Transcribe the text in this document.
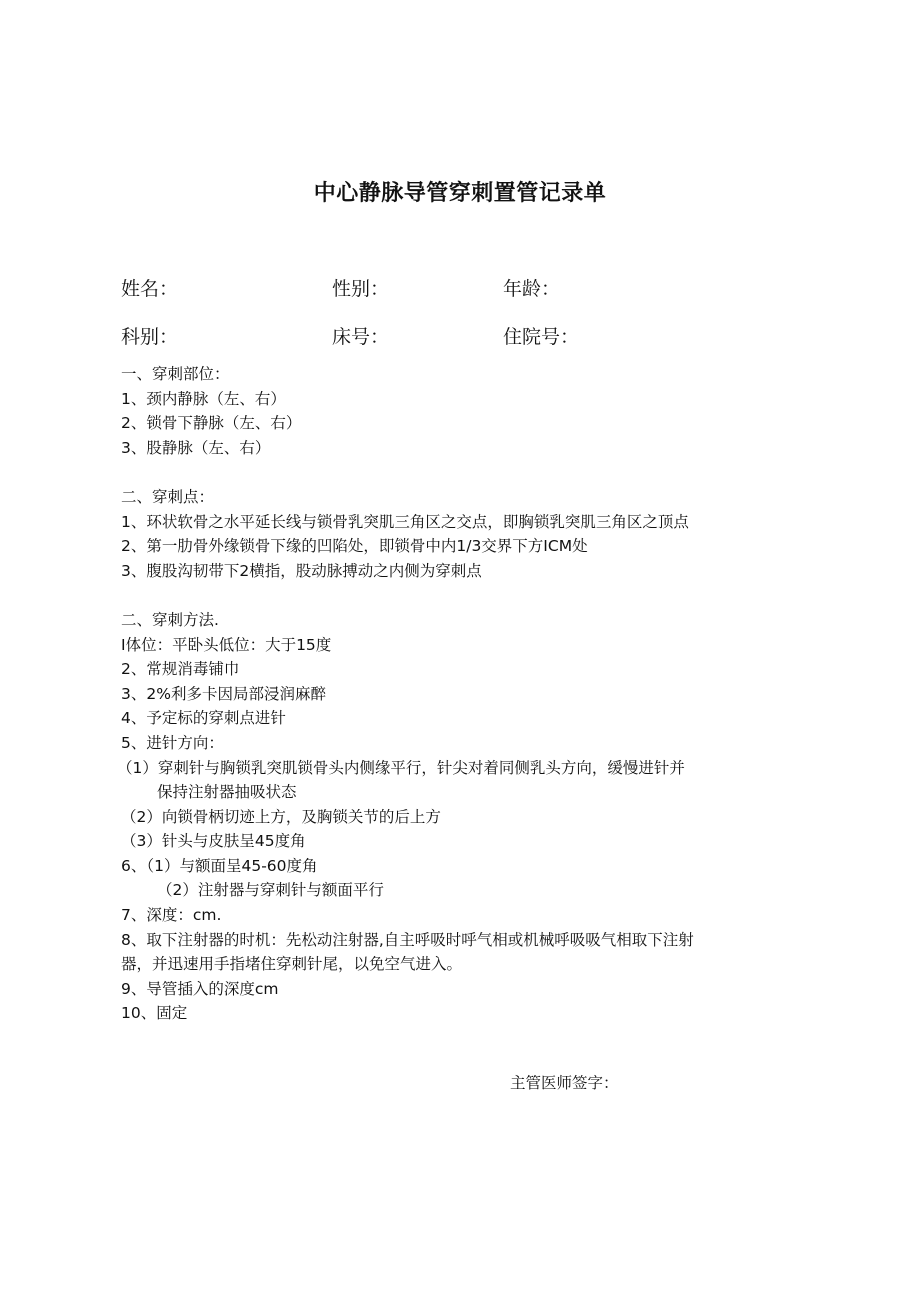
中心静脉导管穿刺置管记录单
姓名：	性别：	年龄：
科别：	床号：	住院号：
一、穿刺部位：
1、颈内静脉（左、右）
2、锁骨下静脉（左、右）
3、股静脉（左、右）
二、穿刺点：
1、环状软骨之水平延长线与锁骨乳突肌三角区之交点，即胸锁乳突肌三角区之顶点
2、第一肋骨外缘锁骨下缘的凹陷处，即锁骨中内1/3交界下方ICM处
3、腹股沟韧带下2横指，股动脉搏动之内侧为穿刺点
二、穿刺方法.
I体位：平卧头低位：大于15度
2、常规消毒铺巾
3、2%利多卡因局部浸润麻醉
4、予定标的穿刺点进针
5、进针方向：
（1）穿刺针与胸锁乳突肌锁骨头内侧缘平行，针尖对着同侧乳头方向，缓慢进针并
保持注射器抽吸状态
（2）向锁骨柄切迹上方，及胸锁关节的后上方
（3）针头与皮肤呈45度角
6、（1）与额面呈45-60度角
（2）注射器与穿刺针与额面平行
7、深度：cm.
8、取下注射器的时机：先松动注射器,自主呼吸时呼气相或机械呼吸吸气相取下注射
器，并迅速用手指堵住穿刺针尾，以免空气进入。
9、导管插入的深度cm
10、固定
主管医师签字：
